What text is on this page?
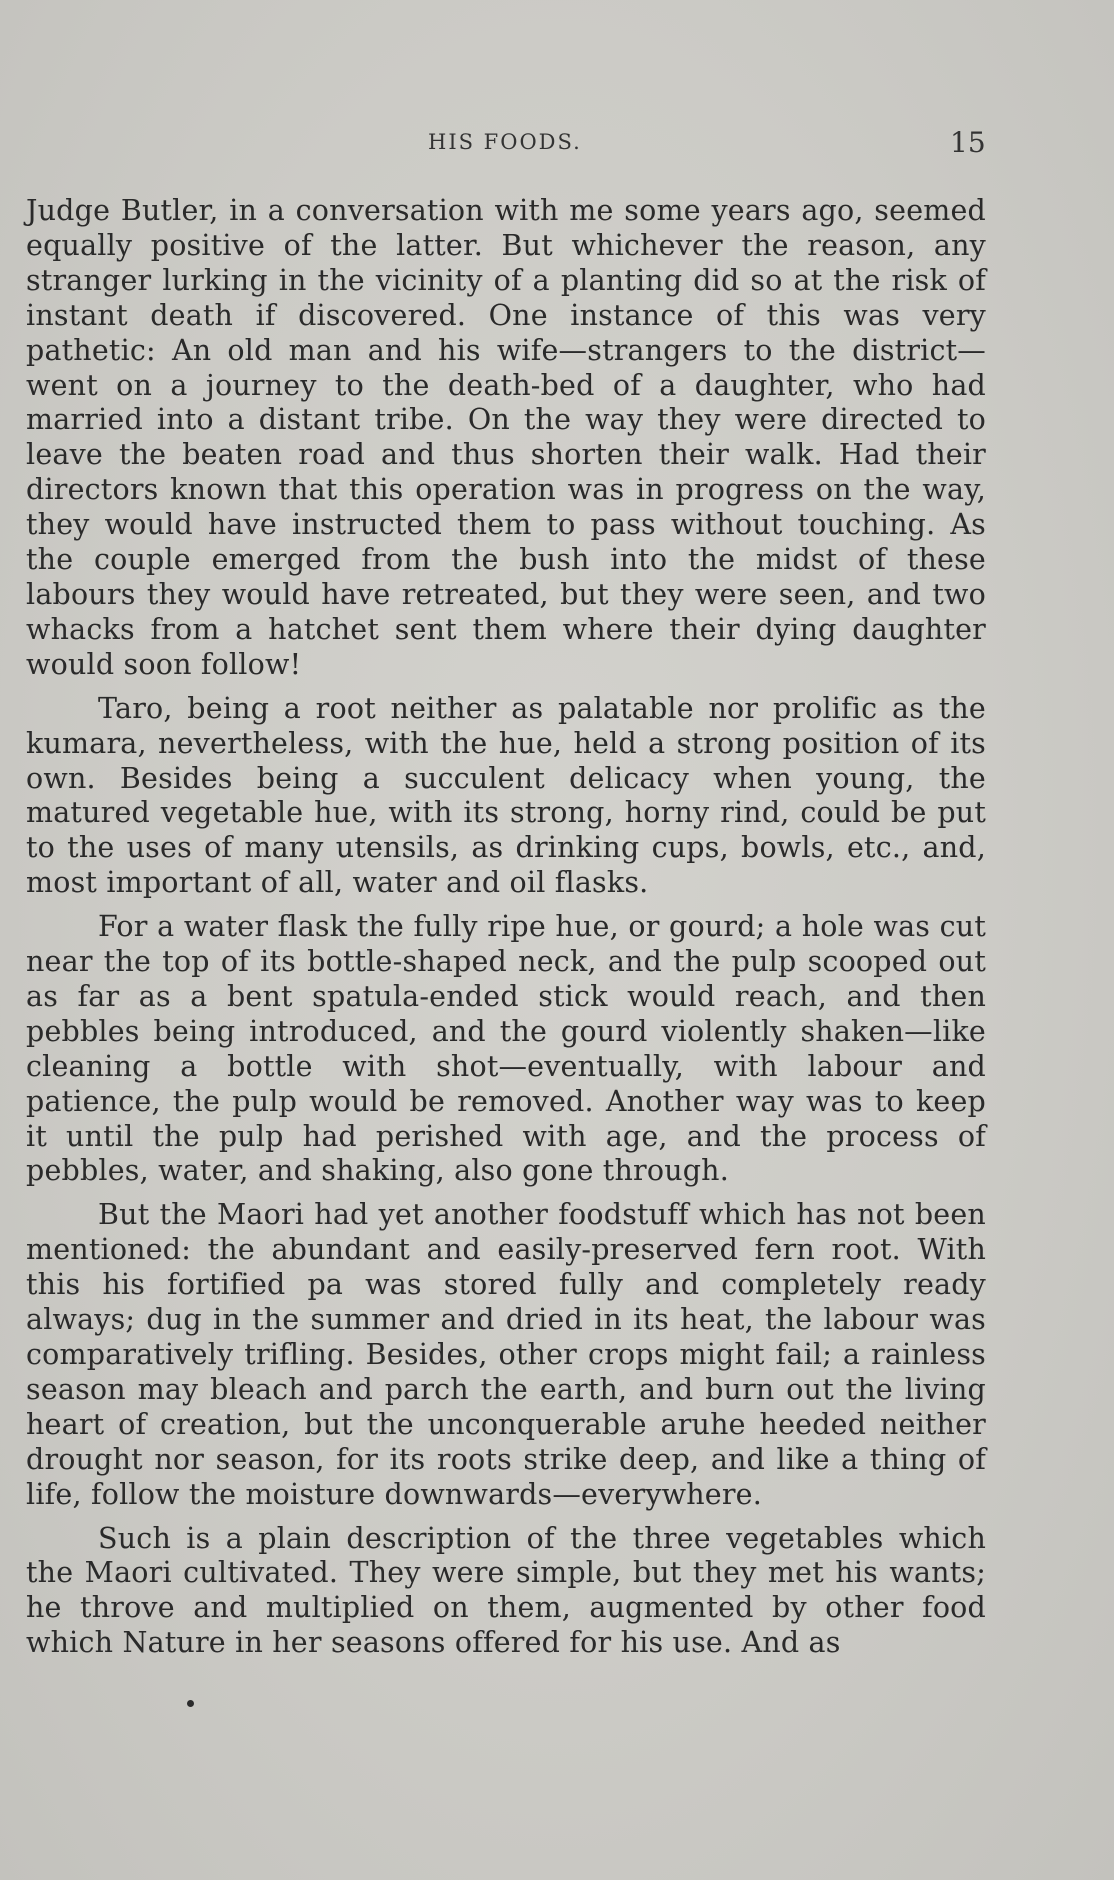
HIS FOODS.	15

Judge Butler, in a conversation with me some years ago, seemed equally positive of the latter. But whichever the reason, any stranger lurking in the vicinity of a planting did so at the risk of instant death if discovered. One instance of this was very pathetic: An old man and his wife—strangers to the district—went on a journey to the death-bed of a daughter, who had married into a distant tribe. On the way they were directed to leave the beaten road and thus shorten their walk. Had their directors known that this operation was in progress on the way, they would have instructed them to pass without touching. As the couple emerged from the bush into the midst of these labours they would have retreated, but they were seen, and two whacks from a hatchet sent them where their dying daughter would soon follow!

Taro, being a root neither as palatable nor prolific as the kumara, nevertheless, with the hue, held a strong position of its own. Besides being a succulent delicacy when young, the matured vegetable hue, with its strong, horny rind, could be put to the uses of many utensils, as drinking cups, bowls, etc., and, most important of all, water and oil flasks.

For a water flask the fully ripe hue, or gourd; a hole was cut near the top of its bottle-shaped neck, and the pulp scooped out as far as a bent spatula-ended stick would reach, and then pebbles being introduced, and the gourd violently shaken—like cleaning a bottle with shot—eventually, with labour and patience, the pulp would be removed. Another way was to keep it until the pulp had perished with age, and the process of pebbles, water, and shaking, also gone through.

But the Maori had yet another foodstuff which has not been mentioned: the abundant and easily-preserved fern root. With this his fortified pa was stored fully and completely ready always; dug in the summer and dried in its heat, the labour was comparatively trifling. Besides, other crops might fail; a rainless season may bleach and parch the earth, and burn out the living heart of creation, but the unconquerable aruhe heeded neither drought nor season, for its roots strike deep, and like a thing of life, follow the moisture downwards—everywhere.

Such is a plain description of the three vegetables which the Maori cultivated. They were simple, but they met his wants; he throve and multiplied on them, augmented by other food which Nature in her seasons offered for his use. And as
